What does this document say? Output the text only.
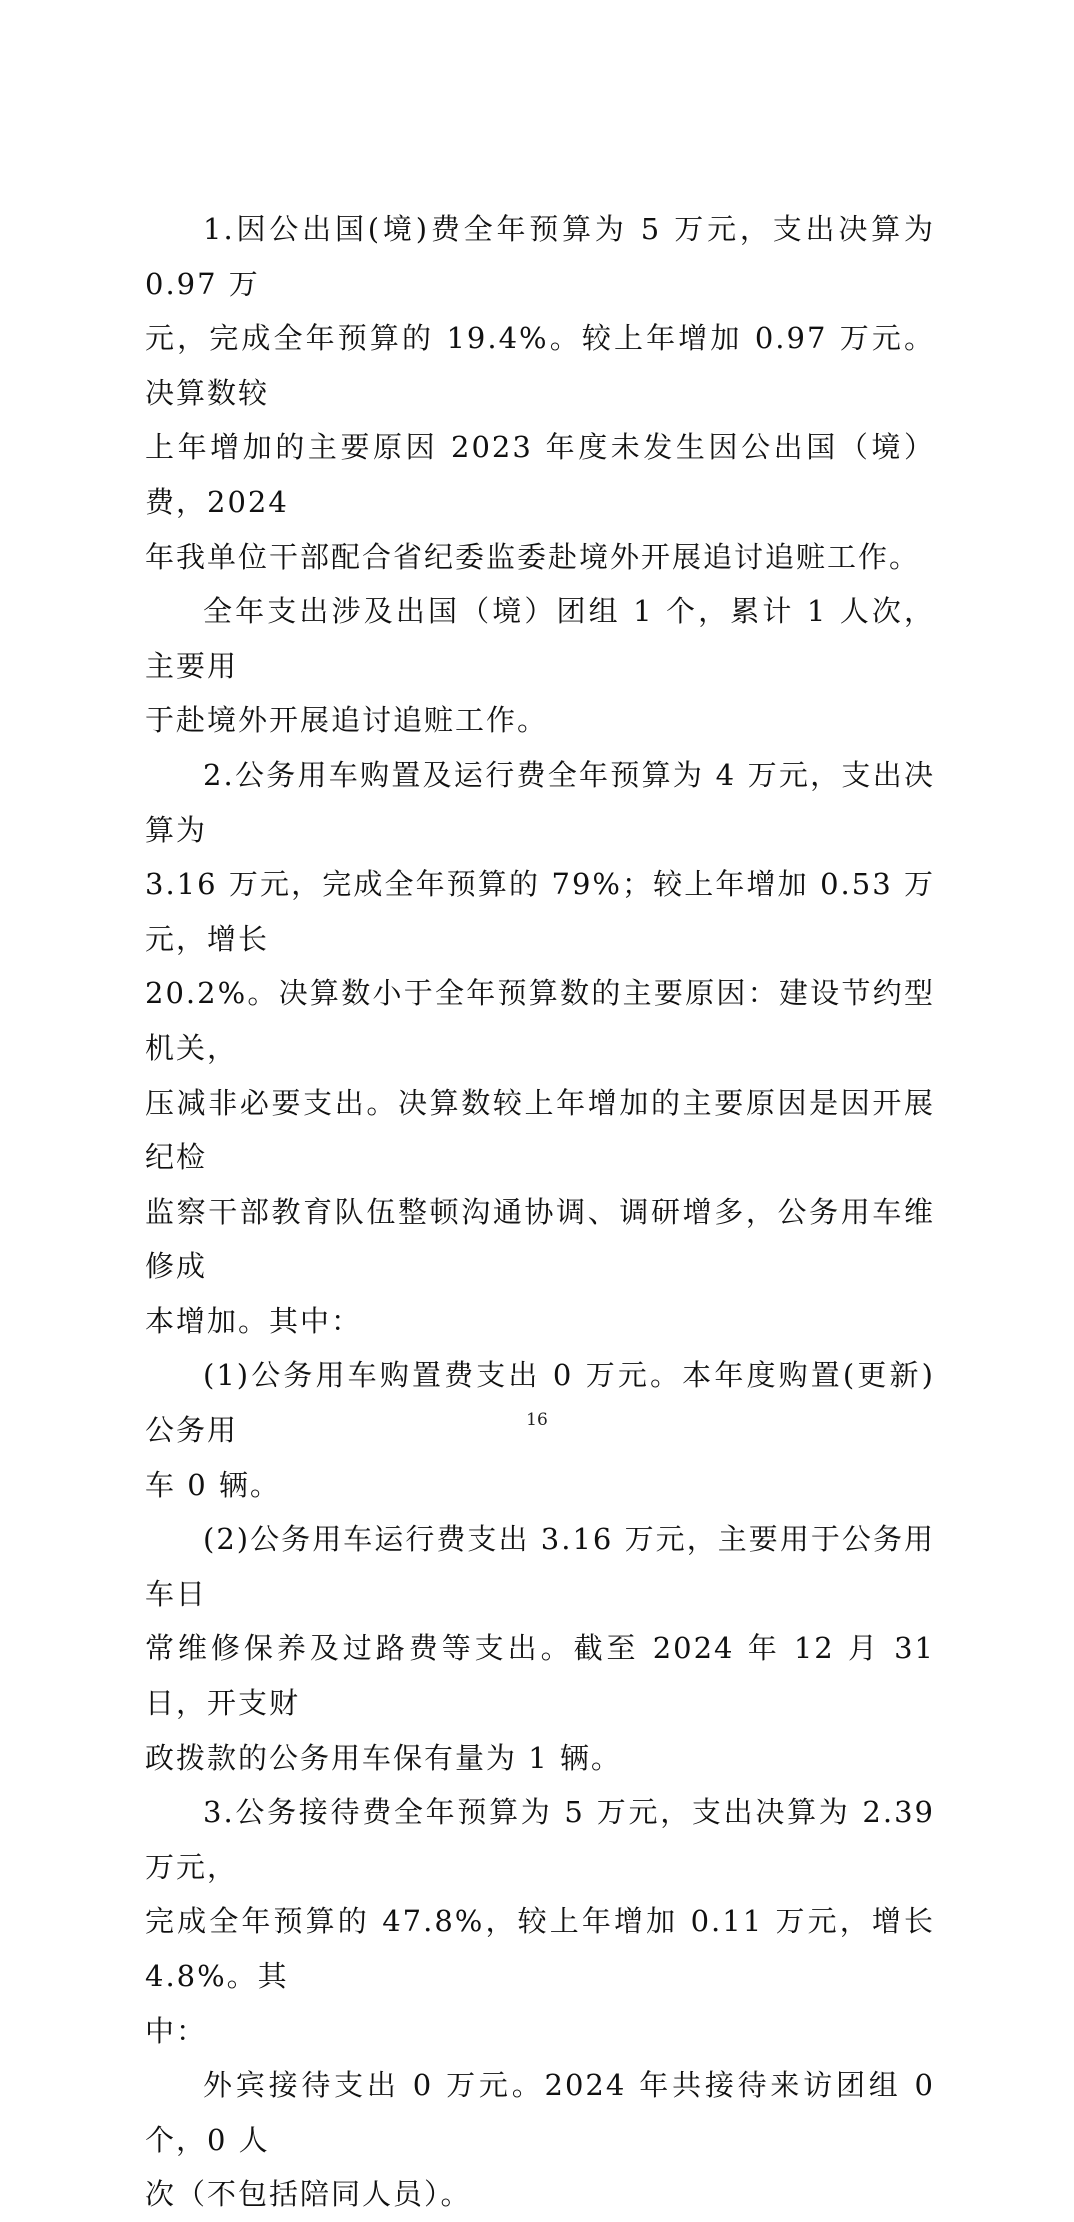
1.因公出国(境)费全年预算为 5 万元，支出决算为 0.97 万
元，完成全年预算的 19.4%。较上年增加 0.97 万元。决算数较
上年增加的主要原因 2023 年度未发生因公出国（境）费，2024
年我单位干部配合省纪委监委赴境外开展追讨追赃工作。

全年支出涉及出国（境）团组 1 个，累计 1 人次，主要用
于赴境外开展追讨追赃工作。

2.公务用车购置及运行费全年预算为 4 万元，支出决算为
3.16 万元，完成全年预算的 79%；较上年增加 0.53 万元，增长
20.2%。决算数小于全年预算数的主要原因：建设节约型机关，
压减非必要支出。决算数较上年增加的主要原因是因开展纪检
监察干部教育队伍整顿沟通协调、调研增多，公务用车维修成
本增加。其中：

(1)公务用车购置费支出 0 万元。本年度购置(更新)公务用
车 0 辆。

(2)公务用车运行费支出 3.16 万元，主要用于公务用车日
常维修保养及过路费等支出。截至 2024 年 12 月 31 日，开支财
政拨款的公务用车保有量为 1 辆。

3.公务接待费全年预算为 5 万元，支出决算为 2.39 万元，
完成全年预算的 47.8%，较上年增加 0.11 万元，增长 4.8%。其
中：

外宾接待支出 0 万元。2024 年共接待来访团组 0 个，0 人
次（不包括陪同人员）。

16
